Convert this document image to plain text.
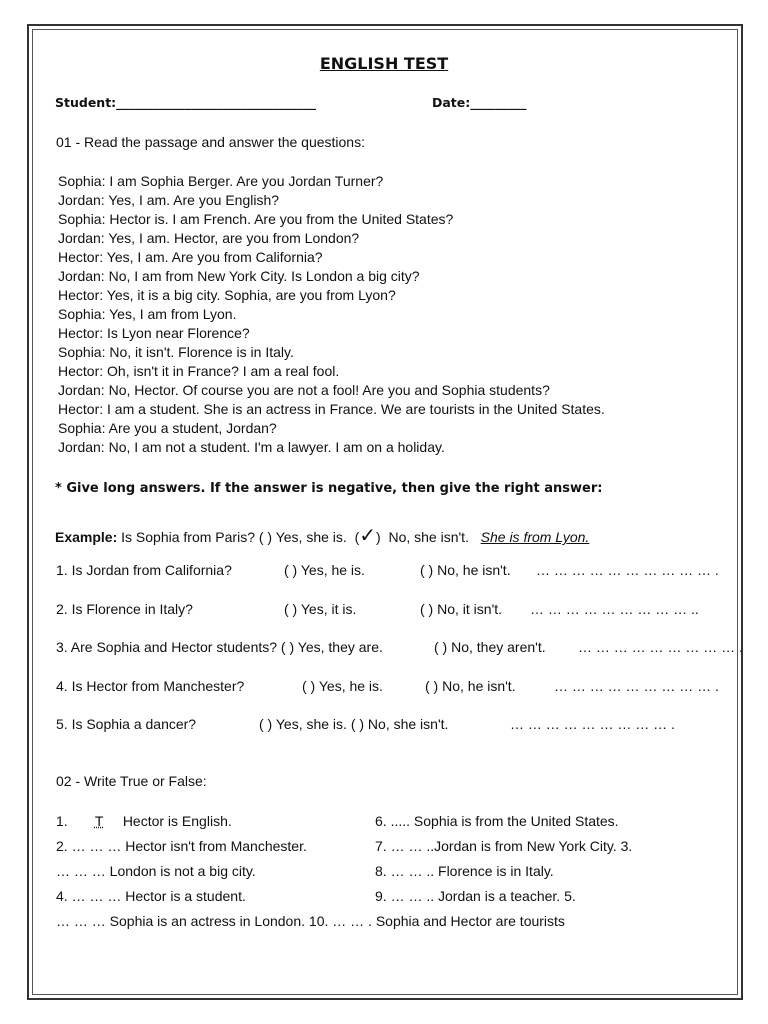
ENGLISH TEST
Student:________________________________	Date:_________
01 - Read the passage and answer the questions:
Sophia: I am Sophia Berger. Are you Jordan Turner?
Jordan: Yes, I am. Are you English?
Sophia: Hector is. I am French. Are you from the United States?
Jordan: Yes, I am. Hector, are you from London?
Hector: Yes, I am. Are you from California?
Jordan: No, I am from New York City. Is London a big city?
Hector: Yes, it is a big city. Sophia, are you from Lyon?
Sophia: Yes, I am from Lyon.
Hector: Is Lyon near Florence?
Sophia: No, it isn't. Florence is in Italy.
Hector: Oh, isn't it in France? I am a real fool.
Jordan: No, Hector. Of course you are not a fool! Are you and Sophia students?
Hector: I am a student. She is an actress in France. We are tourists in the United States.
Sophia: Are you a student, Jordan?
Jordan: No, I am not a student. I'm a lawyer. I am on a holiday.
* Give long answers. If the answer is negative, then give the right answer:
Example: Is Sophia from Paris? ( ) Yes, she is. (✓) No, she isn't. She is from Lyon.
1. Is Jordan from California?	( ) Yes, he is.	( ) No, he isn't. … … … … … … … … … … .
2. Is Florence in Italy?	( ) Yes, it is.	( ) No, it isn't. … … … … … … … … … ..
3. Are Sophia and Hector students? ( ) Yes, they are.	( ) No, they aren't. … … … … … … … … … .
4. Is Hector from Manchester?	( ) Yes, he is.	( ) No, he isn't.	… … … … … … … … … .
5. Is Sophia a dancer?	( ) Yes, she is. ( ) No, she isn't.	… … … … … … … … … .
02 - Write True or False:
1. T Hector is English.	6. ..... Sophia is from the United States.
2. … … … Hector isn't from Manchester.	7. … … ..Jordan is from New York City. 3.
… … … London is not a big city.	8. … … .. Florence is in Italy.
4. … … … Hector is a student.	9. … … .. Jordan is a teacher. 5.
… … … Sophia is an actress in London. 10. … … . Sophia and Hector are tourists
